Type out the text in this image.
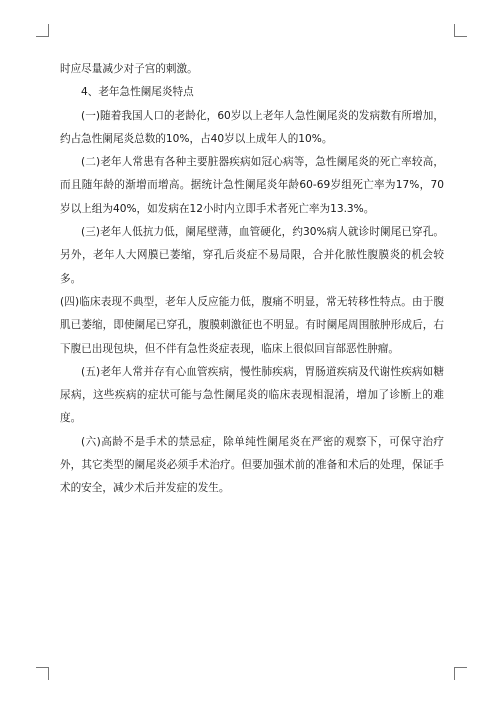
时应尽量减少对子宫的刺激。

4、老年急性阑尾炎特点

(一)随着我国人口的老龄化，60岁以上老年人急性阑尾炎的发病数有所增加，约占急性阑尾炎总数的10%，占40岁以上成年人的10%。

(二)老年人常患有各种主要脏器疾病如冠心病等，急性阑尾炎的死亡率较高，而且随年龄的渐增而增高。据统计急性阑尾炎年龄60-69岁组死亡率为17%，70岁以上组为40%，如发病在12小时内立即手术者死亡率为13.3%。

(三)老年人低抗力低，阑尾壁薄，血管硬化，约30%病人就诊时阑尾已穿孔。另外，老年人大网膜已萎缩，穿孔后炎症不易局限，合并化脓性腹膜炎的机会较多。

(四)临床表现不典型，老年人反应能力低，腹痛不明显，常无转移性特点。由于腹肌已萎缩，即使阑尾已穿孔，腹膜刺激征也不明显。有时阑尾周围脓肿形成后，右下腹已出现包块，但不伴有急性炎症表现，临床上很似回盲部恶性肿瘤。

(五)老年人常并存有心血管疾病，慢性肺疾病，胃肠道疾病及代谢性疾病如糖尿病，这些疾病的症状可能与急性阑尾炎的临床表现相混淆，增加了诊断上的难度。

(六)高龄不是手术的禁忌症，除单纯性阑尾炎在严密的观察下，可保守治疗外，其它类型的阑尾炎必须手术治疗。但要加强术前的准备和术后的处理，保证手术的安全，减少术后并发症的发生。
